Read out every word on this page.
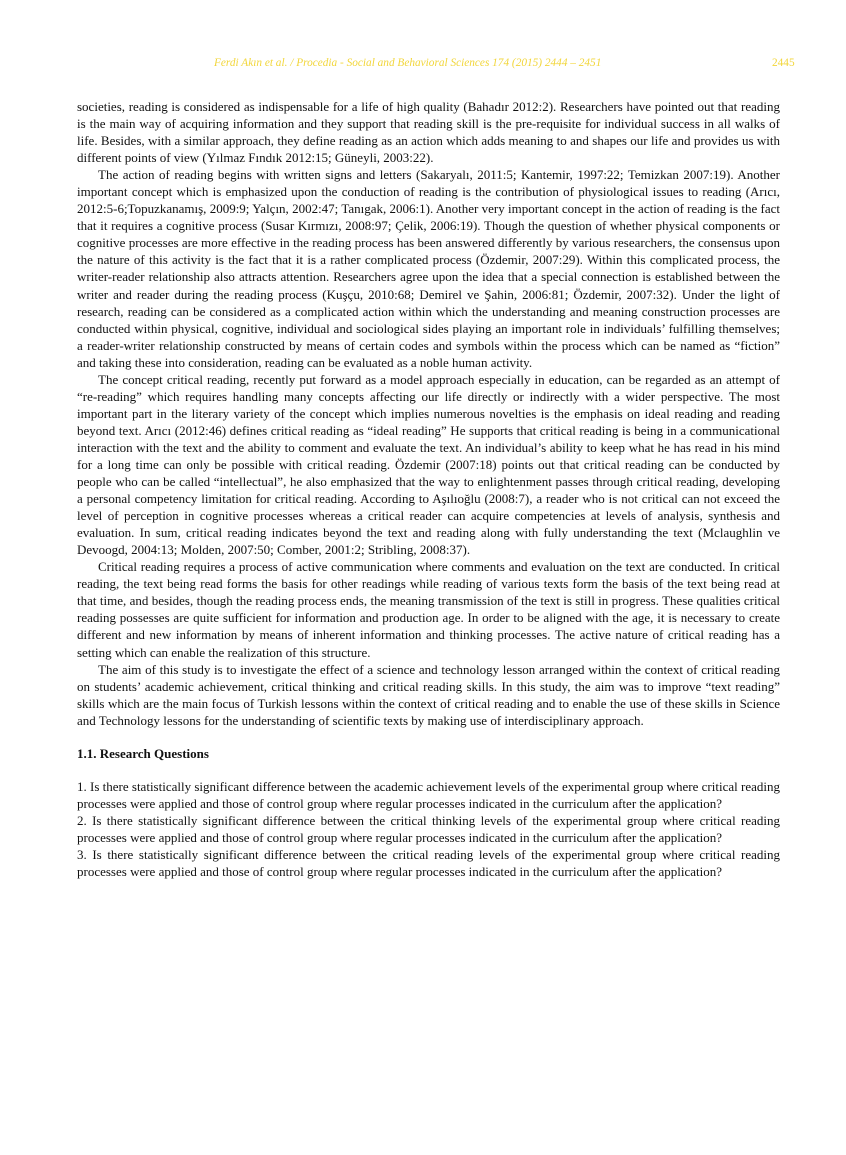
Ferdi Akın et al. / Procedia - Social and Behavioral Sciences 174 (2015) 2444 – 2451	2445

societies, reading is considered as indispensable for a life of high quality (Bahadır 2012:2). Researchers have pointed out that reading is the main way of acquiring information and they support that reading skill is the pre-requisite for individual success in all walks of life. Besides, with a similar approach, they define reading as an action which adds meaning to and shapes our life and provides us with different points of view (Yılmaz Fındık 2012:15; Güneyli, 2003:22).

The action of reading begins with written signs and letters (Sakaryalı, 2011:5; Kantemir, 1997:22; Temizkan 2007:19). Another important concept which is emphasized upon the conduction of reading is the contribution of physiological issues to reading (Arıcı, 2012:5-6;Topuzkanamış, 2009:9; Yalçın, 2002:47; Tanıgak, 2006:1). Another very important concept in the action of reading is the fact that it requires a cognitive process (Susar Kırmızı, 2008:97; Çelik, 2006:19). Though the question of whether physical components or cognitive processes are more effective in the reading process has been answered differently by various researchers, the consensus upon the nature of this activity is the fact that it is a rather complicated process (Özdemir, 2007:29). Within this complicated process, the writer-reader relationship also attracts attention. Researchers agree upon the idea that a special connection is established between the writer and reader during the reading process (Kuşçu, 2010:68; Demirel ve Şahin, 2006:81; Özdemir, 2007:32). Under the light of research, reading can be considered as a complicated action within which the understanding and meaning construction processes are conducted within physical, cognitive, individual and sociological sides playing an important role in individuals’ fulfilling themselves; a reader-writer relationship constructed by means of certain codes and symbols within the process which can be named as “fiction” and taking these into consideration, reading can be evaluated as a noble human activity.

The concept critical reading, recently put forward as a model approach especially in education, can be regarded as an attempt of “re-reading” which requires handling many concepts affecting our life directly or indirectly with a wider perspective. The most important part in the literary variety of the concept which implies numerous novelties is the emphasis on ideal reading and reading beyond text. Arıcı (2012:46) defines critical reading as “ideal reading” He supports that critical reading is being in a communicational interaction with the text and the ability to comment and evaluate the text. An individual’s ability to keep what he has read in his mind for a long time can only be possible with critical reading. Özdemir (2007:18) points out that critical reading can be conducted by people who can be called “intellectual”, he also emphasized that the way to enlightenment passes through critical reading, developing a personal competency limitation for critical reading. According to Aşılıoğlu (2008:7), a reader who is not critical can not exceed the level of perception in cognitive processes whereas a critical reader can acquire competencies at levels of analysis, synthesis and evaluation. In sum, critical reading indicates beyond the text and reading along with fully understanding the text (Mclaughlin ve Devoogd, 2004:13; Molden, 2007:50; Comber, 2001:2; Stribling, 2008:37).

Critical reading requires a process of active communication where comments and evaluation on the text are conducted. In critical reading, the text being read forms the basis for other readings while reading of various texts form the basis of the text being read at that time, and besides, though the reading process ends, the meaning transmission of the text is still in progress. These qualities critical reading possesses are quite sufficient for information and production age. In order to be aligned with the age, it is necessary to create different and new information by means of inherent information and thinking processes. The active nature of critical reading has a setting which can enable the realization of this structure.

The aim of this study is to investigate the effect of a science and technology lesson arranged within the context of critical reading on students’ academic achievement, critical thinking and critical reading skills. In this study, the aim was to improve “text reading” skills which are the main focus of Turkish lessons within the context of critical reading and to enable the use of these skills in Science and Technology lessons for the understanding of scientific texts by making use of interdisciplinary approach.

1.1. Research Questions

1. Is there statistically significant difference between the academic achievement levels of the experimental group where critical reading processes were applied and those of control group where regular processes indicated in the curriculum after the application?

2. Is there statistically significant difference between the critical thinking levels of the experimental group where critical reading processes were applied and those of control group where regular processes indicated in the curriculum after the application?

3. Is there statistically significant difference between the critical reading levels of the experimental group where critical reading processes were applied and those of control group where regular processes indicated in the curriculum after the application?
